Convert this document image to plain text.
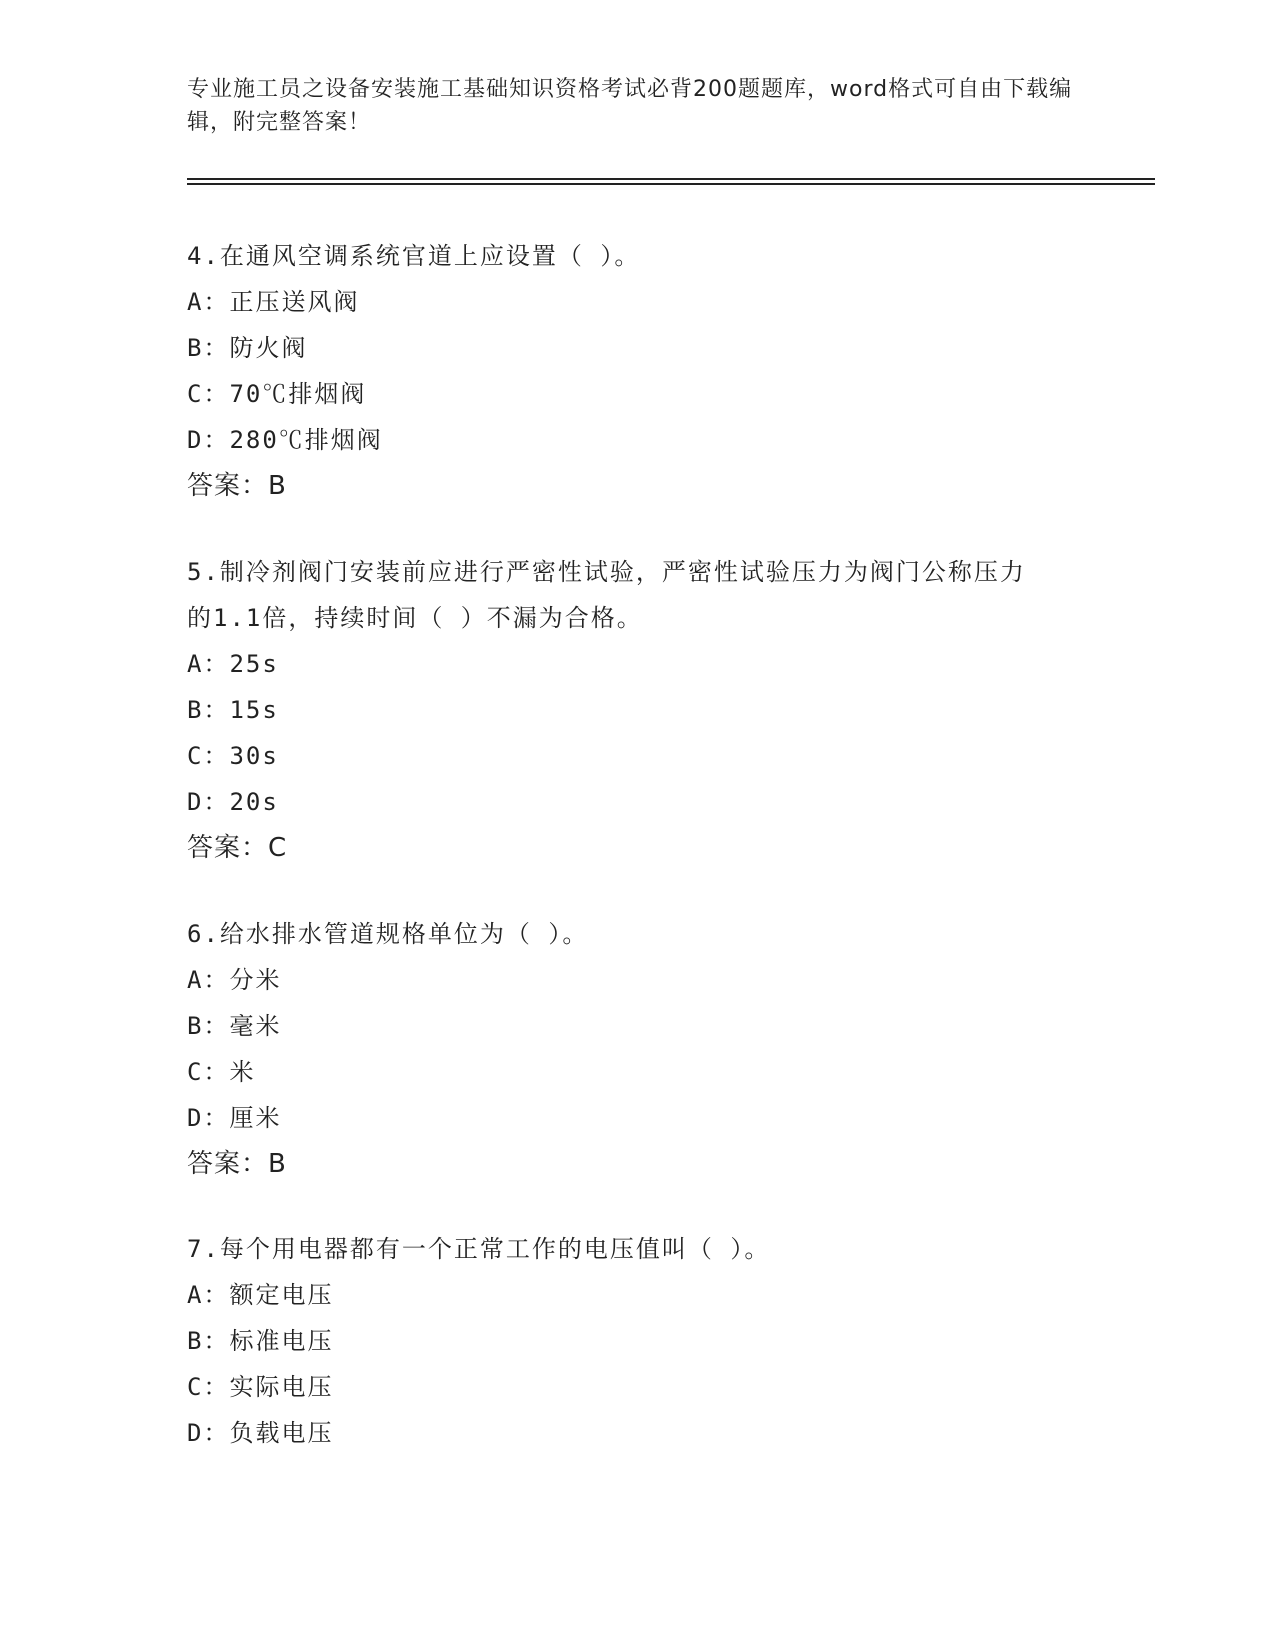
专业施工员之设备安装施工基础知识资格考试必背200题题库，word格式可自由下载编辑，附完整答案！
4.在通风空调系统官道上应设置（ ）。
A：正压送风阀
B：防火阀
C：70℃排烟阀
D：280℃排烟阀
答案：B
5.制冷剂阀门安装前应进行严密性试验，严密性试验压力为阀门公称压力的1.1倍，持续时间（ ）不漏为合格。
A：25s
B：15s
C：30s
D：20s
答案：C
6.给水排水管道规格单位为（ ）。
A：分米
B：毫米
C：米
D：厘米
答案：B
7.每个用电器都有一个正常工作的电压值叫（ ）。
A：额定电压
B：标准电压
C：实际电压
D：负载电压
